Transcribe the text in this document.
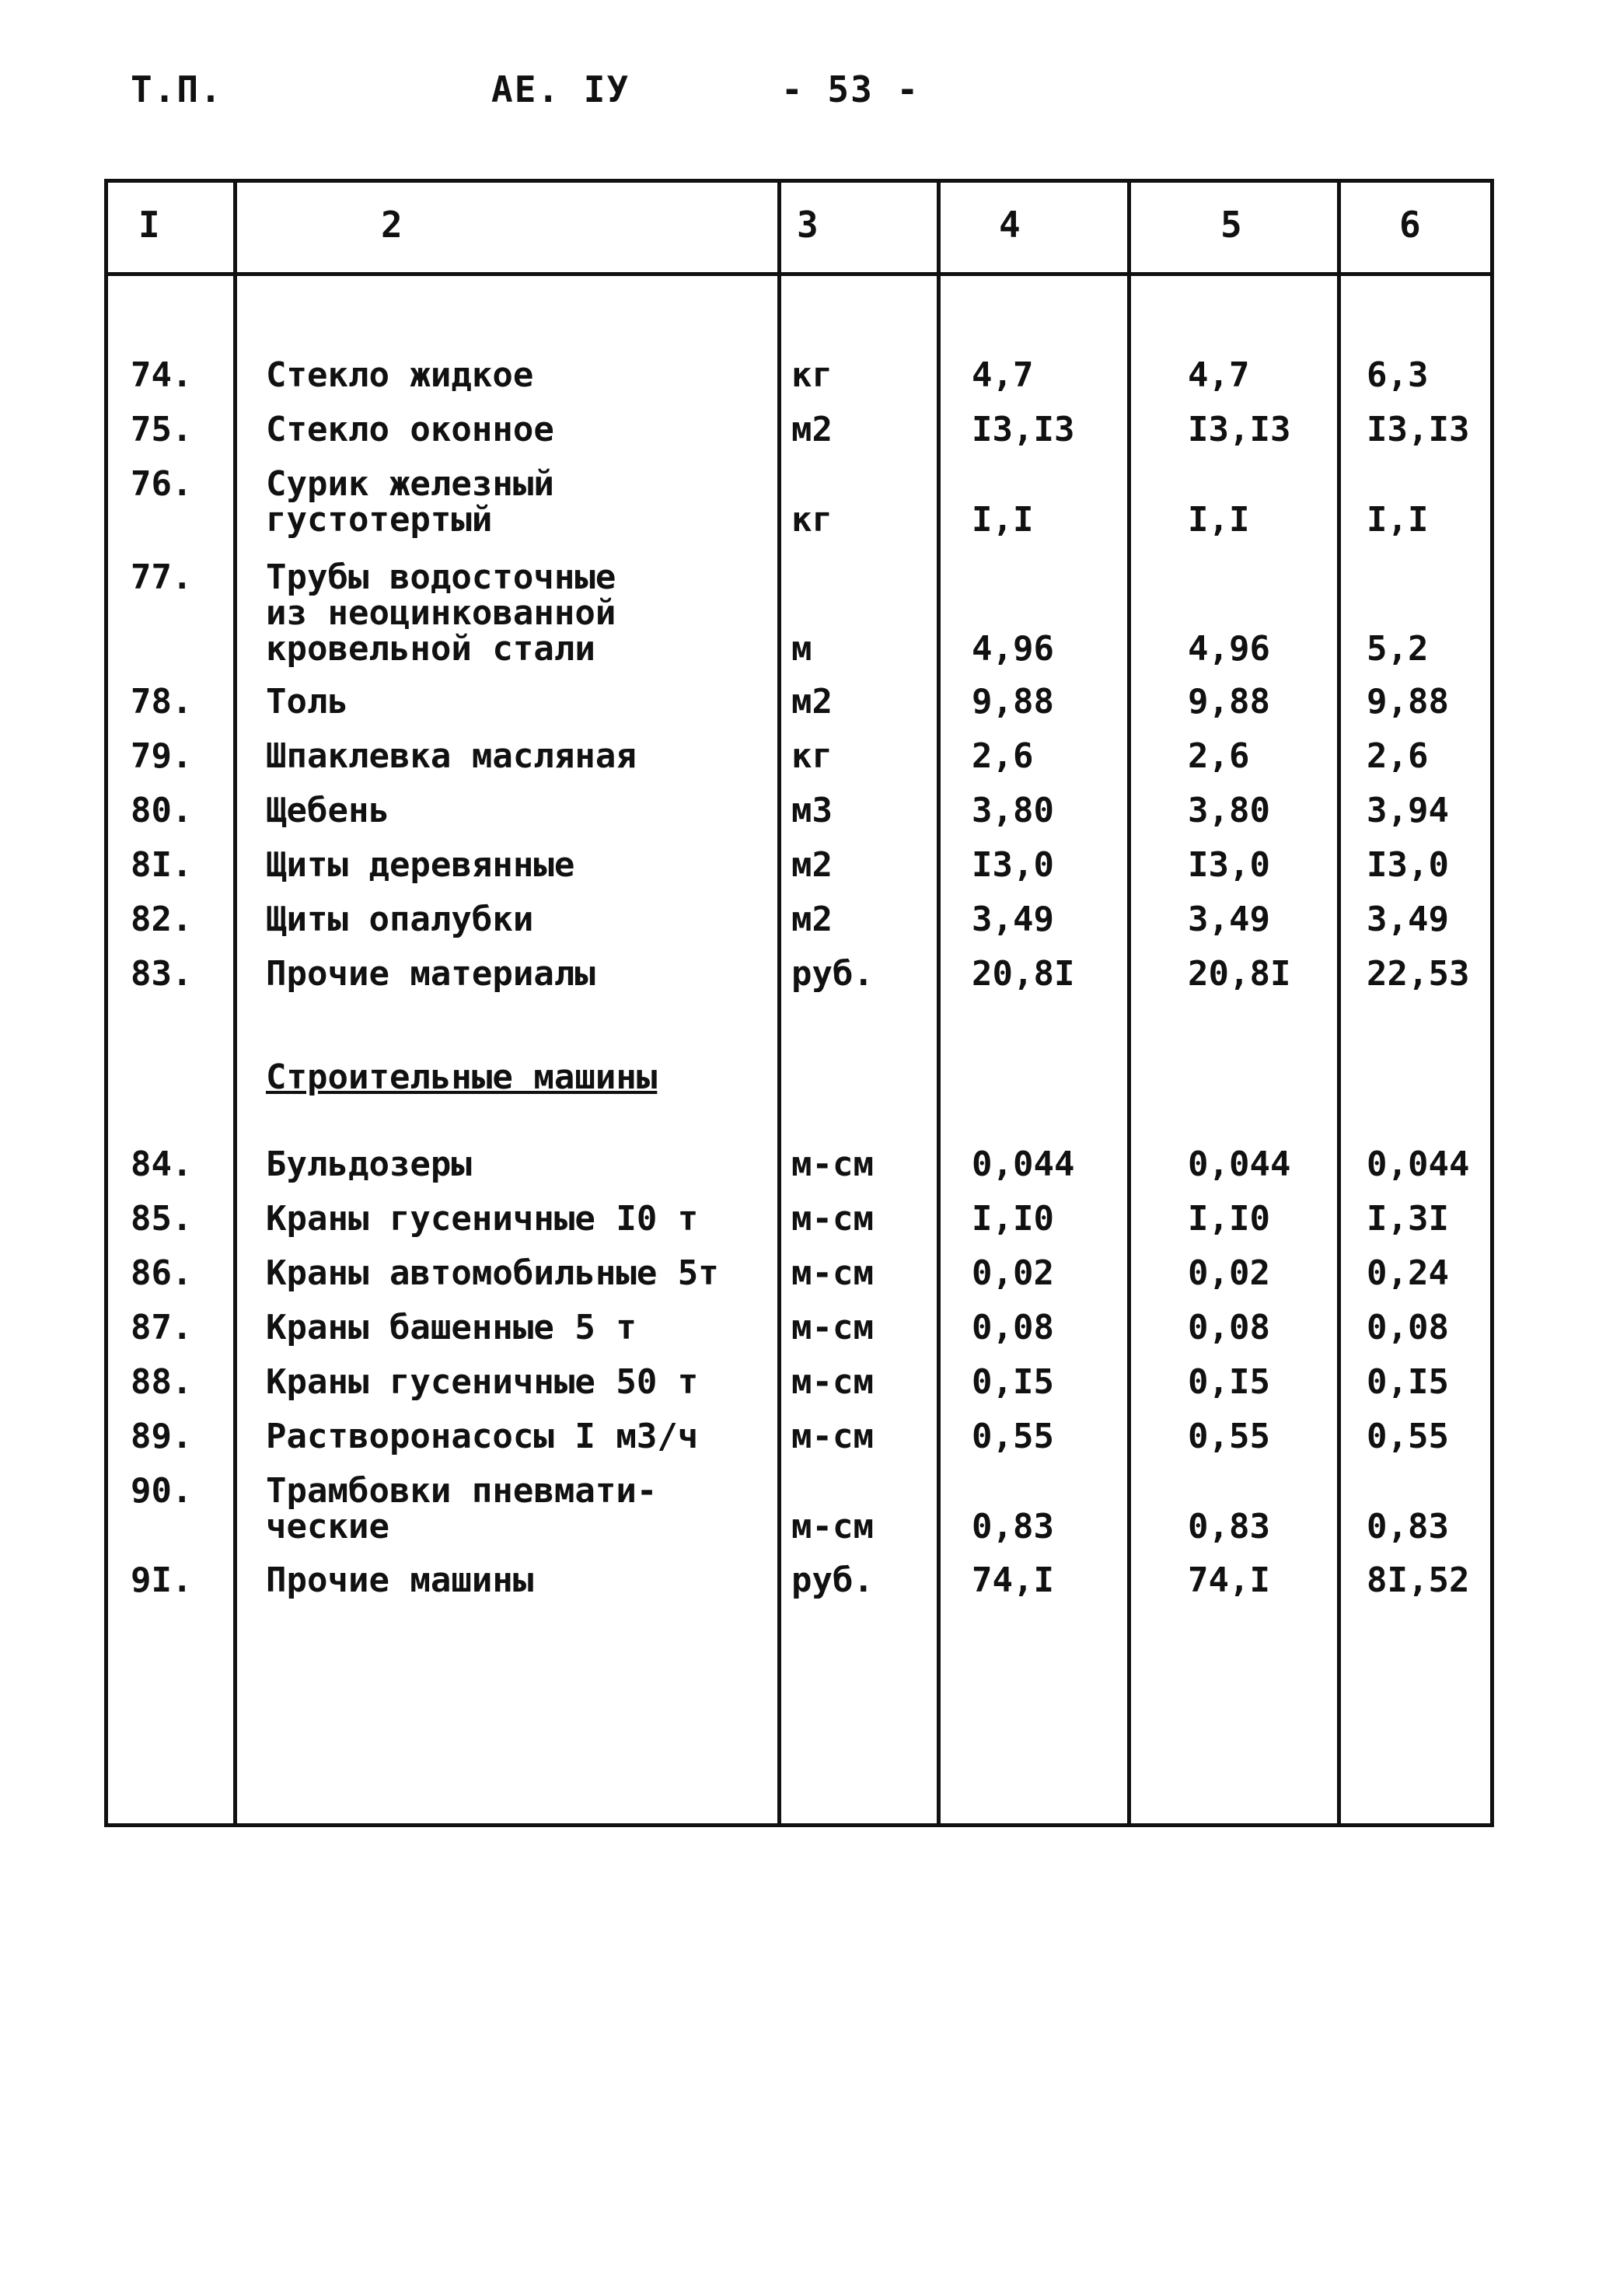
Т.П.	АЕ. IУ	- 53 -
I	2	3	4	5	6
74. Стекло жидкое	кг	4,7	4,7	6,3
75. Стекло оконное	м2	I3,I3	I3,I3 I3,I3
76. Сурик железный
густотертый	кг	I,I	I,I	I,I
77. Трубы водосточные
из неоцинкованной
кровельной стали	м	4,96	4,96	5,2
78. Толь	м2	9,88	9,88	9,88
79. Шпаклевка масляная	кг	2,6	2,6	2,6
80. Щебень	м3	3,80	3,80	3,94
8I. Щиты деревянные	м2	I3,0	I3,0	I3,0
82. Щиты опалубки	м2	3,49	3,49	3,49
83. Прочие материалы	руб.	20,8I	20,8I 22,53
84. Бульдозеры	м-см	0,044	0,044 0,044
85. Краны гусеничные I0 т	м-см	I,I0	I,I0	I,3I
86. Краны автомобильные 5т м-см	0,02	0,02	0,24
87. Краны башенные 5 т	м-см	0,08	0,08	0,08
88. Краны гусеничные 50 т	м-см	0,I5	0,I5	0,I5
89. Растворонасосы I м3/ч	м-см	0,55	0,55	0,55
90. Трамбовки пневмати-
ческие	м-см	0,83	0,83	0,83
9I. Прочие машины	руб.	74,I	74,I	8I,52
Строительные машины
